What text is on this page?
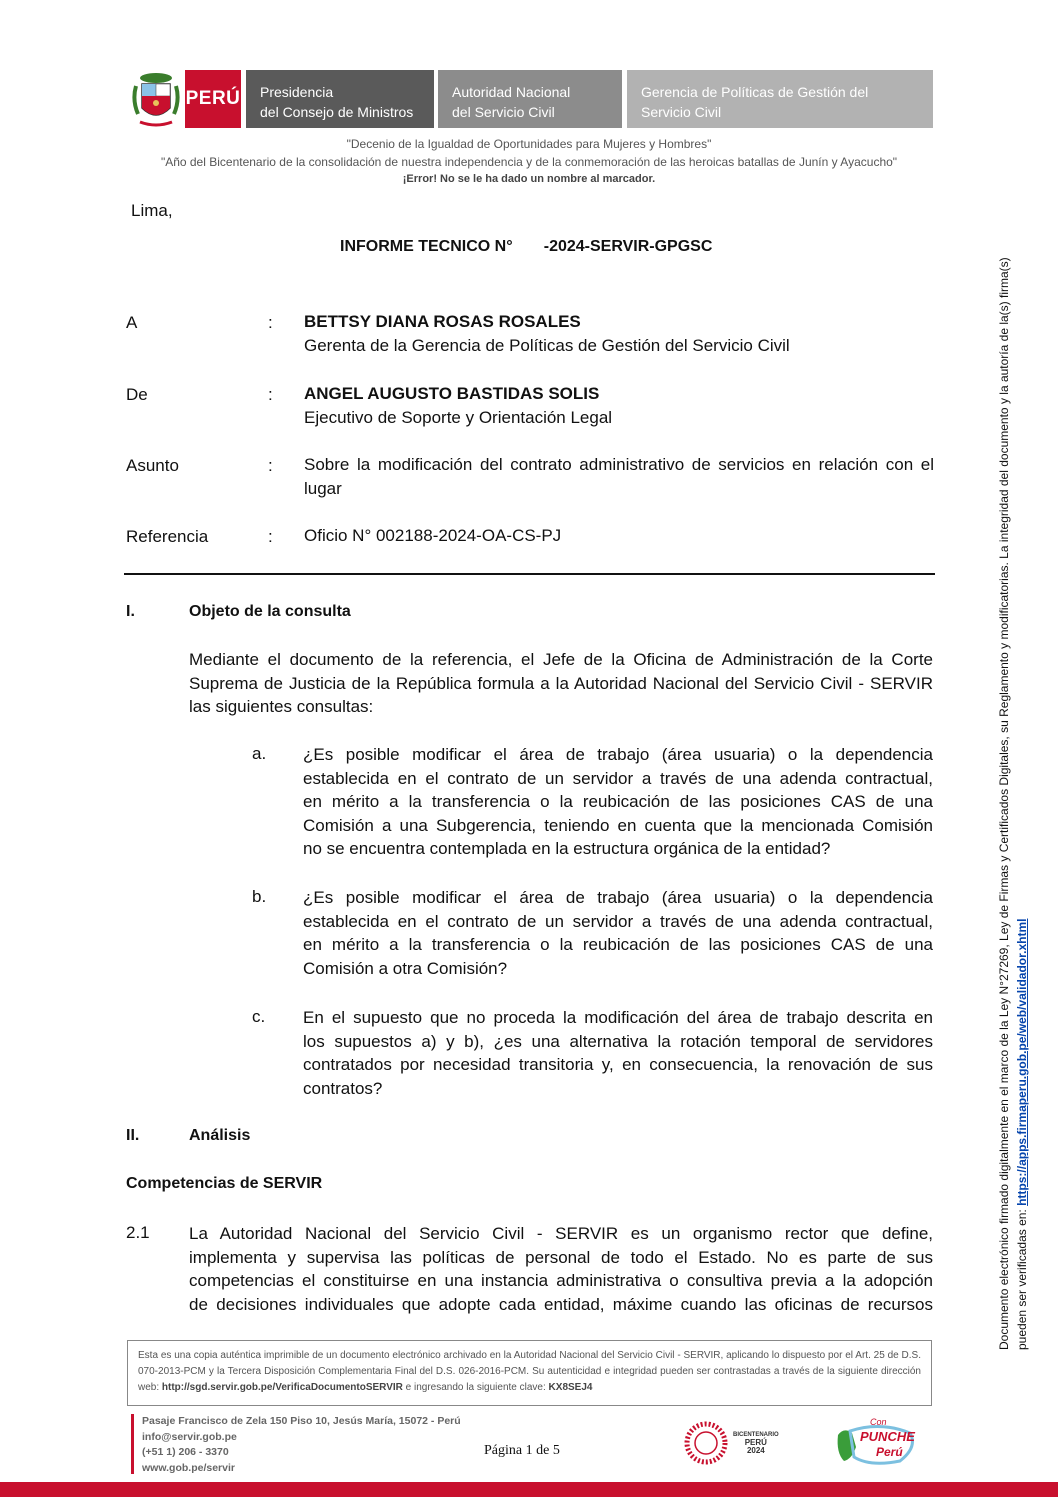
PERÚ Presidencia
del Consejo de Ministros
Autoridad Nacional
del Servicio Civil
Gerencia de Políticas de Gestión del
Servicio Civil
"Decenio de la Igualdad de Oportunidades para Mujeres y Hombres"
"Año del Bicentenario de la consolidación de nuestra independencia y de la conmemoración de las heroicas batallas de Junín y Ayacucho"
¡Error! No se le ha dado un nombre al marcador.
Lima,
INFORME TECNICO N°       -2024-SERVIR-GPGSC
A	: BETTSY DIANA ROSAS ROSALES
Gerenta de la Gerencia de Políticas de Gestión del Servicio Civil
De	: ANGEL AUGUSTO BASTIDAS SOLIS
Ejecutivo de Soporte y Orientación Legal
Asunto	: Sobre la modificación del contrato administrativo de servicios en relación con el
lugar
Referencia	: Oficio N° 002188-2024-OA-CS-PJ
I.	Objeto de la consulta
Mediante el documento de la referencia, el Jefe de la Oficina de Administración de la Corte
Suprema de Justicia de la República formula a la Autoridad Nacional del Servicio Civil - SERVIR
las siguientes consultas:
a. ¿Es posible modificar el área de trabajo (área usuaria) o la dependencia
establecida en el contrato de un servidor a través de una adenda contractual,
en mérito a la transferencia o la reubicación de las posiciones CAS de una
Comisión a una Subgerencia, teniendo en cuenta que la mencionada Comisión
no se encuentra contemplada en la estructura orgánica de la entidad?
b. ¿Es posible modificar el área de trabajo (área usuaria) o la dependencia
establecida en el contrato de un servidor a través de una adenda contractual,
en mérito a la transferencia o la reubicación de las posiciones CAS de una
Comisión a otra Comisión?
c. En el supuesto que no proceda la modificación del área de trabajo descrita en
los supuestos a) y b), ¿es una alternativa la rotación temporal de servidores
contratados por necesidad transitoria y, en consecuencia, la renovación de sus
contratos?
II.	Análisis
Competencias de SERVIR
2.1 La Autoridad Nacional del Servicio Civil - SERVIR es un organismo rector que define,
implementa y supervisa las políticas de personal de todo el Estado. No es parte de sus
competencias el constituirse en una instancia administrativa o consultiva previa a la adopción
de decisiones individuales que adopte cada entidad, máxime cuando las oficinas de recursos
Esta es una copia auténtica imprimible de un documento electrónico archivado en la Autoridad Nacional del Servicio Civil - SERVIR, aplicando lo dispuesto por el Art. 25 de D.S. 070-2013-PCM y la Tercera Disposición Complementaria Final del D.S. 026-2016-PCM. Su autenticidad e integridad pueden ser contrastadas a través de la siguiente dirección web: http://sgd.servir.gob.pe/VerificaDocumentoSERVIR e ingresando la siguiente clave: KX8SEJ4
Pasaje Francisco de Zela 150 Piso 10, Jesús María, 15072 - Perú
info@servir.gob.pe
(+51 1) 206 - 3370
www.gob.pe/servir
Página 1 de 5
BICENTENARIO
PERÚ
2024
Con
PUNCHE
Perú
Documento electrónico firmado digitalmente en el marco de la Ley N°27269, Ley de Firmas y Certificados Digitales, su Reglamento y modificatorias. La integridad del documento y la autoría de la(s) firma(s) pueden ser verificadas en: https://apps.firmaperu.gob.pe/web/validador.xhtml
